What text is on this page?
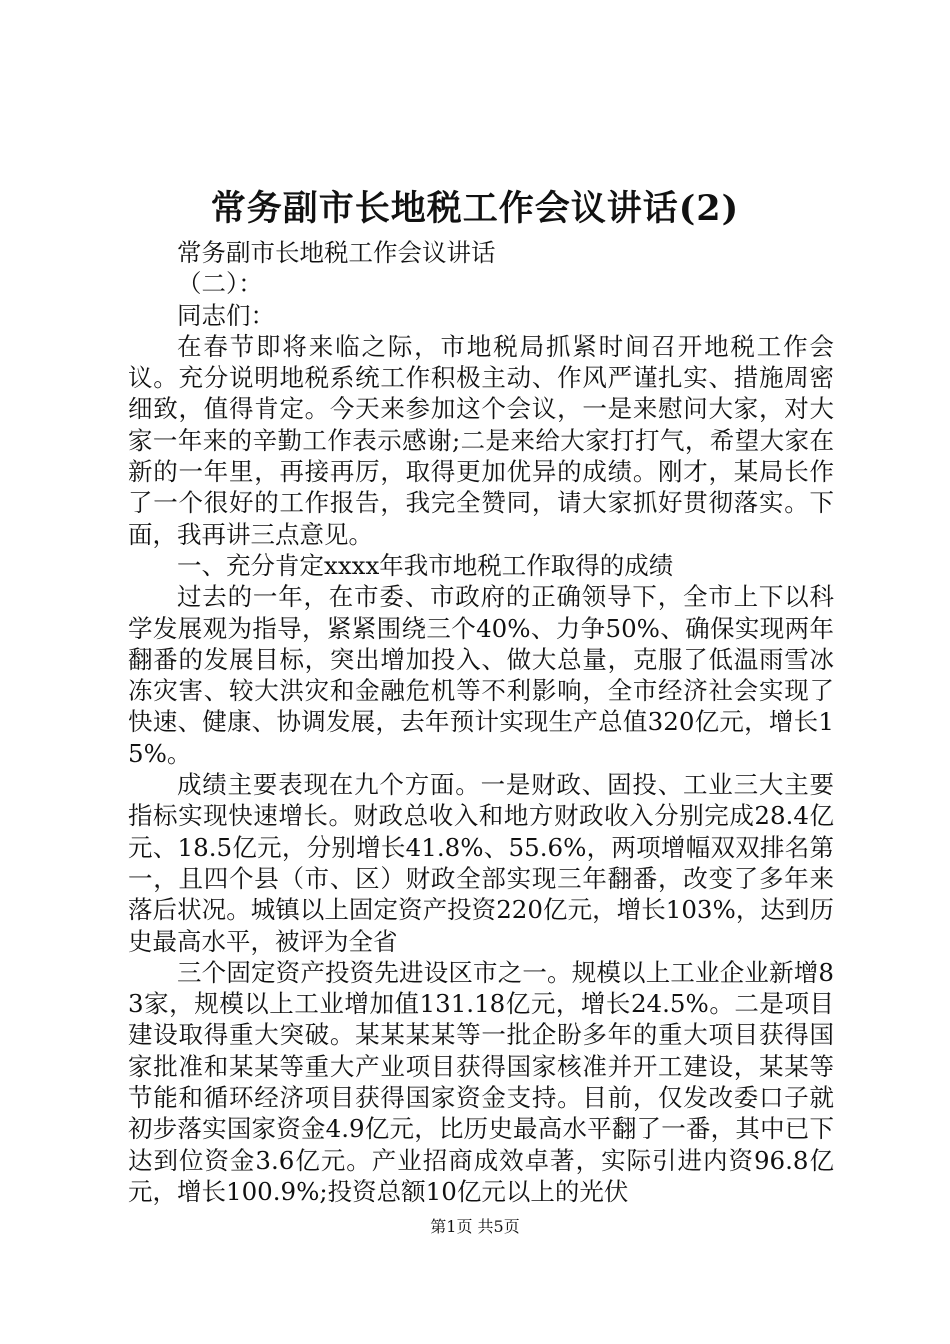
常务副市长地税工作会议讲话(2)

常务副市长地税工作会议讲话

（二）：

同志们：

在春节即将来临之际，市地税局抓紧时间召开地税工作会议。充分说明地税系统工作积极主动、作风严谨扎实、措施周密细致，值得肯定。今天来参加这个会议，一是来慰问大家，对大家一年来的辛勤工作表示感谢;二是来给大家打打气，希望大家在新的一年里，再接再厉，取得更加优异的成绩。刚才，某局长作了一个很好的工作报告，我完全赞同，请大家抓好贯彻落实。下面，我再讲三点意见。

一、充分肯定xxxx年我市地税工作取得的成绩

过去的一年，在市委、市政府的正确领导下，全市上下以科学发展观为指导，紧紧围绕三个40%、力争50%、确保实现两年翻番的发展目标，突出增加投入、做大总量，克服了低温雨雪冰冻灾害、较大洪灾和金融危机等不利影响，全市经济社会实现了快速、健康、协调发展，去年预计实现生产总值320亿元，增长15%。

成绩主要表现在九个方面。一是财政、固投、工业三大主要指标实现快速增长。财政总收入和地方财政收入分别完成28.4亿元、18.5亿元，分别增长41.8%、55.6%，两项增幅双双排名第一，且四个县（市、区）财政全部实现三年翻番，改变了多年来落后状况。城镇以上固定资产投资220亿元，增长103%，达到历史最高水平，被评为全省

三个固定资产投资先进设区市之一。规模以上工业企业新增83家，规模以上工业增加值131.18亿元，增长24.5%。二是项目建设取得重大突破。某某某某等一批企盼多年的重大项目获得国家批准和某某等重大产业项目获得国家核准并开工建设，某某等节能和循环经济项目获得国家资金支持。目前，仅发改委口子就初步落实国家资金4.9亿元，比历史最高水平翻了一番，其中已下达到位资金3.6亿元。产业招商成效卓著，实际引进内资96.8亿元，增长100.9%;投资总额10亿元以上的光伏

第1页 共5页
